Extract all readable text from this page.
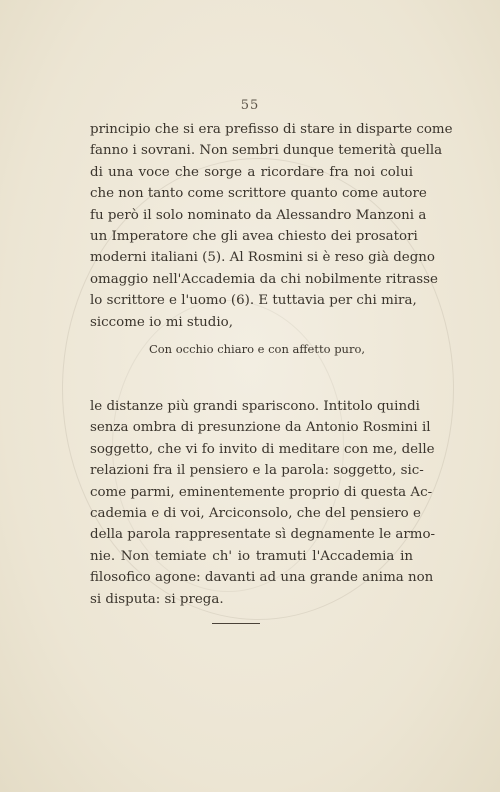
55
principio che si era prefisso di stare in disparte come
fanno i sovrani. Non sembri dunque temerità quella
di una voce che sorge a ricordare fra noi colui
che non tanto come scrittore quanto come autore
fu però il solo nominato da Alessandro Manzoni a
un Imperatore che gli avea chiesto dei prosatori
moderni italiani (5). Al Rosmini si è reso già degno
omaggio nell'Accademia da chi nobilmente ritrasse
lo scrittore e l'uomo (6). E tuttavia per chi mira,
siccome io mi studio,
Con occhio chiaro e con affetto puro,
le distanze più grandi spariscono. Intitolo quindi
senza ombra di presunzione da Antonio Rosmini il
soggetto, che vi fo invito di meditare con me, delle
relazioni fra il pensiero e la parola: soggetto, sic-
come parmi, eminentemente proprio di questa Ac-
cademia e di voi, Arciconsolo, che del pensiero e
della parola rappresentate sì degnamente le armo-
nie. Non temiate ch' io tramuti l'Accademia in
filosofico agone: davanti ad una grande anima non
si disputa: si prega.
